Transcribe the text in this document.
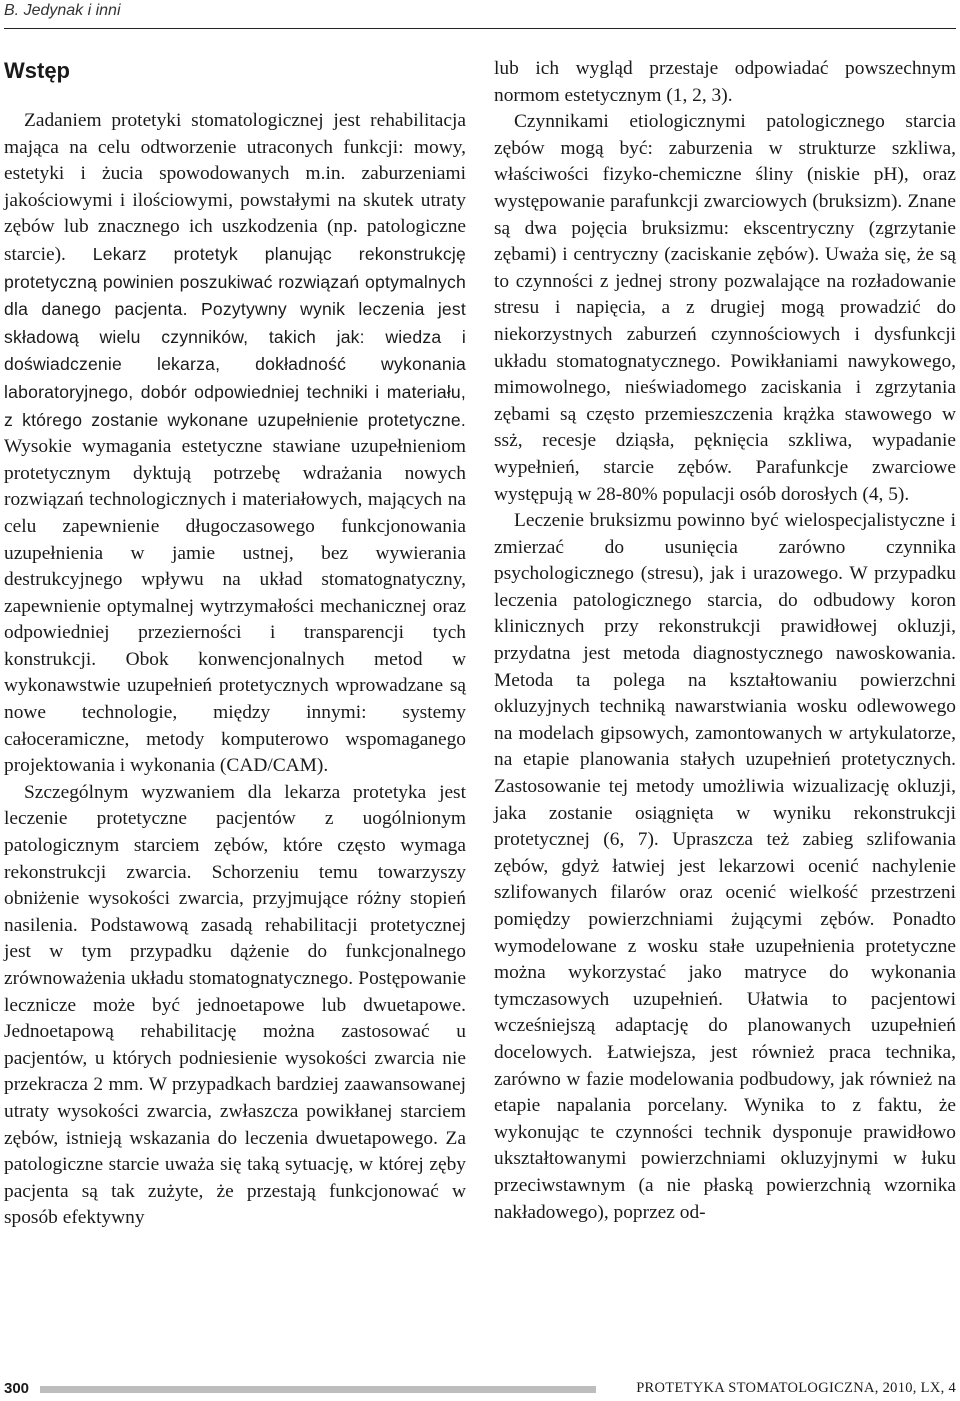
B. Jedynak i inni
Wstęp

Zadaniem protetyki stomatologicznej jest rehabilitacja mająca na celu odtworzenie utraconych funkcji: mowy, estetyki i żucia spowodowanych m.in. zaburzeniami jakościowymi i ilościowymi, powstałymi na skutek utraty zębów lub znacznego ich uszkodzenia (np. patologiczne starcie). Lekarz protetyk planując rekonstrukcję protetyczną powinien poszukiwać rozwiązań optymalnych dla danego pacjenta. Pozytywny wynik leczenia jest składową wielu czynników, takich jak: wiedza i doświadczenie lekarza, dokładność wykonania laboratoryjnego, dobór odpowiedniej techniki i materiału, z którego zostanie wykonane uzupełnienie protetyczne. Wysokie wymagania estetyczne stawiane uzupełnieniom protetycznym dyktują potrzebę wdrażania nowych rozwiązań technologicznych i materiałowych, mających na celu zapewnienie długoczasowego funkcjonowania uzupełnienia w jamie ustnej, bez wywierania destrukcyjnego wpływu na układ stomatognatyczny, zapewnienie optymalnej wytrzymałości mechanicznej oraz odpowiedniej przezierności i transparencji tych konstrukcji. Obok konwencjonalnych metod w wykonawstwie uzupełnień protetycznych wprowadzane są nowe technologie, między innymi: systemy całoceramiczne, metody komputerowo wspomaganego projektowania i wykonania (CAD/CAM).

Szczególnym wyzwaniem dla lekarza protetyka jest leczenie protetyczne pacjentów z uogólnionym patologicznym starciem zębów, które często wymaga rekonstrukcji zwarcia. Schorzeniu temu towarzyszy obniżenie wysokości zwarcia, przyjmujące różny stopień nasilenia. Podstawową zasadą rehabilitacji protetycznej jest w tym przypadku dążenie do funkcjonalnego zrównoważenia układu stomatognatycznego. Postępowanie lecznicze może być jednoetapowe lub dwuetapowe. Jednoetapową rehabilitację można zastosować u pacjentów, u których podniesienie wysokości zwarcia nie przekracza 2 mm. W przypadkach bardziej zaawansowanej utraty wysokości zwarcia, zwłaszcza powikłanej starciem zębów, istnieją wskazania do leczenia dwuetapowego. Za patologiczne starcie uważa się taką sytuację, w której zęby pacjenta są tak zużyte, że przestają funkcjonować w sposób efektywny

lub ich wygląd przestaje odpowiadać powszechnym normom estetycznym (1, 2, 3).

Czynnikami etiologicznymi patologicznego starcia zębów mogą być: zaburzenia w strukturze szkliwa, właściwości fizyko-chemiczne śliny (niskie pH), oraz występowanie parafunkcji zwarciowych (bruksizm). Znane są dwa pojęcia bruksizmu: ekscentryczny (zgrzytanie zębami) i centryczny (zaciskanie zębów). Uważa się, że są to czynności z jednej strony pozwalające na rozładowanie stresu i napięcia, a z drugiej mogą prowadzić do niekorzystnych zaburzeń czynnościowych i dysfunkcji układu stomatognatycznego. Powikłaniami nawykowego, mimowolnego, nieświadomego zaciskania i zgrzytania zębami są często przemieszczenia krążka stawowego w ssż, recesje dziąsła, pęknięcia szkliwa, wypadanie wypełnień, starcie zębów. Parafunkcje zwarciowe występują w 28-80% populacji osób dorosłych (4, 5).

Leczenie bruksizmu powinno być wielospecjalistyczne i zmierzać do usunięcia zarówno czynnika psychologicznego (stresu), jak i urazowego. W przypadku leczenia patologicznego starcia, do odbudowy koron klinicznych przy rekonstrukcji prawidłowej okluzji, przydatna jest metoda diagnostycznego nawoskowania. Metoda ta polega na kształtowaniu powierzchni okluzyjnych techniką nawarstwiania wosku odlewowego na modelach gipsowych, zamontowanych w artykulatorze, na etapie planowania stałych uzupełnień protetycznych. Zastosowanie tej metody umożliwia wizualizację okluzji, jaka zostanie osiągnięta w wyniku rekonstrukcji protetycznej (6, 7). Upraszcza też zabieg szlifowania zębów, gdyż łatwiej jest lekarzowi ocenić nachylenie szlifowanych filarów oraz ocenić wielkość przestrzeni pomiędzy powierzchniami żującymi zębów. Ponadto wymodelowane z wosku stałe uzupełnienia protetyczne można wykorzystać jako matryce do wykonania tymczasowych uzupełnień. Ułatwia to pacjentowi wcześniejszą adaptację do planowanych uzupełnień docelowych. Łatwiejsza, jest również praca technika, zarówno w fazie modelowania podbudowy, jak również na etapie napalania porcelany. Wynika to z faktu, że wykonując te czynności technik dysponuje prawidłowo ukształtowanymi powierzchniami okluzyjnymi w łuku przeciwstawnym (a nie płaską powierzchnią wzornika nakładowego), poprzez od-

300	PROTETYKA STOMATOLOGICZNA, 2010, LX, 4
